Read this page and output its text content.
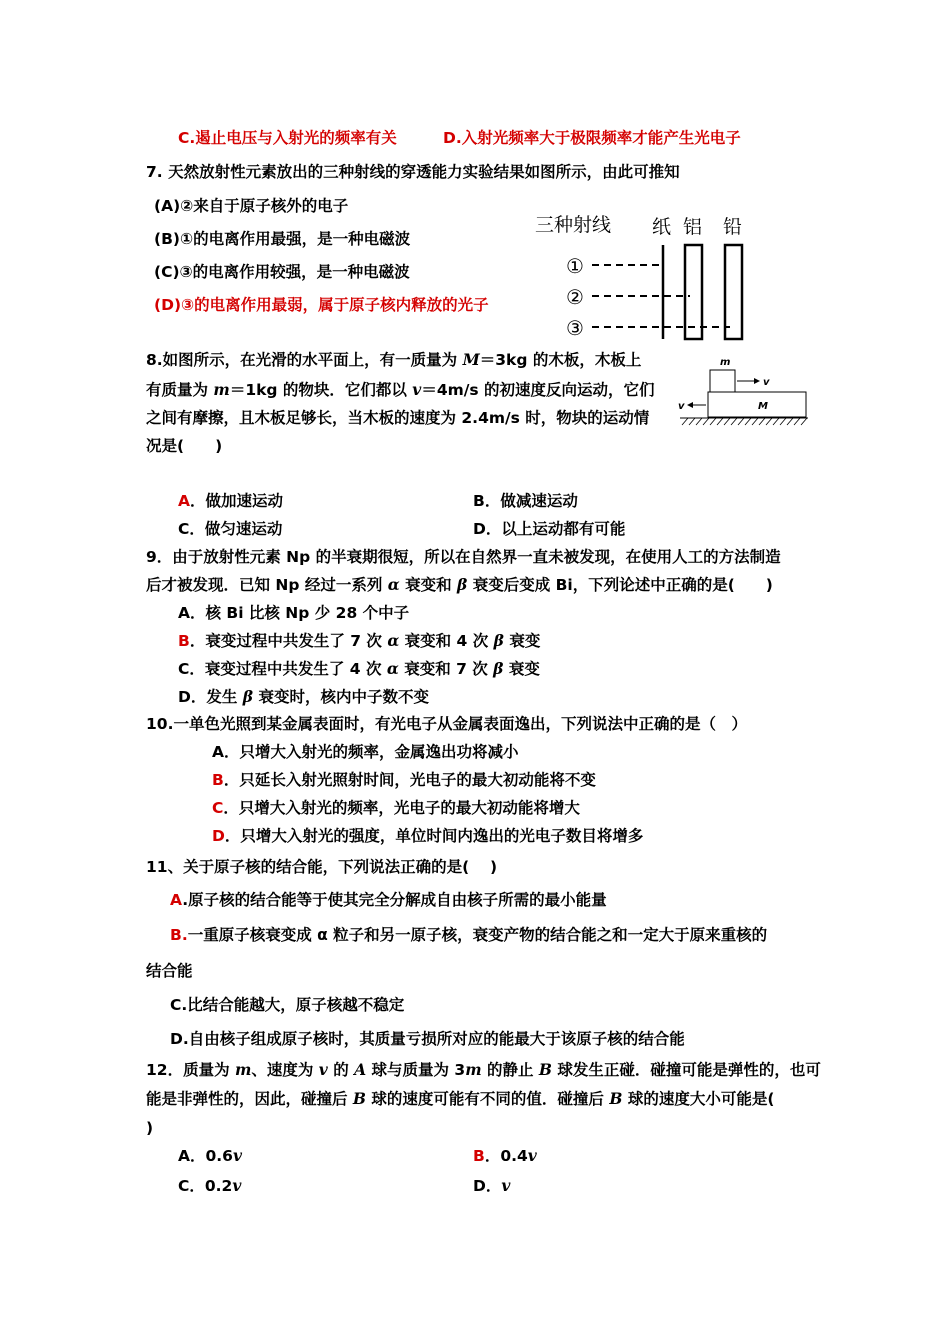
C.遏止电压与入射光的频率有关	D.入射光频率大于极限频率才能产生光电子
7. 天然放射性元素放出的三种射线的穿透能力实验结果如图所示，由此可推知
(A)②来自于原子核外的电子
(B)①的电离作用最强，是一种电磁波
(C)③的电离作用较强，是一种电磁波
(D)③的电离作用最弱，属于原子核内释放的光子
三种射线 纸 铝 铅
①
②
③
8.如图所示，在光滑的水平面上，有一质量为 M＝3kg 的木板，木板上
有质量为 m＝1kg 的物块．它们都以 v＝4m/s 的初速度反向运动，它们
之间有摩擦，且木板足够长，当木板的速度为 2.4m/s 时，物块的运动情
况是(　　)
m
v
M
v
A．做加速运动	B．做减速运动
C．做匀速运动	D．以上运动都有可能
9．由于放射性元素 Np 的半衰期很短，所以在自然界一直未被发现，在使用人工的方法制造
后才被发现．已知 Np 经过一系列 α 衰变和 β 衰变后变成 Bi，下列论述中正确的是(　　)
A．核 Bi 比核 Np 少 28 个中子
B．衰变过程中共发生了 7 次 α 衰变和 4 次 β 衰变
C．衰变过程中共发生了 4 次 α 衰变和 7 次 β 衰变
D．发生 β 衰变时，核内中子数不变
10.一单色光照到某金属表面时，有光电子从金属表面逸出，下列说法中正确的是（　）
A．只增大入射光的频率，金属逸出功将减小
B．只延长入射光照射时间，光电子的最大初动能将不变
C．只增大入射光的频率，光电子的最大初动能将增大
D．只增大入射光的强度，单位时间内逸出的光电子数目将增多
11、关于原子核的结合能，下列说法正确的是(　 )
A.原子核的结合能等于使其完全分解成自由核子所需的最小能量
B.一重原子核衰变成 α 粒子和另一原子核，衰变产物的结合能之和一定大于原来重核的
结合能
C.比结合能越大，原子核越不稳定
D.自由核子组成原子核时，其质量亏损所对应的能最大于该原子核的结合能
12．质量为 m、速度为 v 的 A 球与质量为 3m 的静止 B 球发生正碰．碰撞可能是弹性的，也可
能是非弹性的，因此，碰撞后 B 球的速度可能有不同的值．碰撞后 B 球的速度大小可能是(
)
A．0.6v	B．0.4v
C．0.2v	D．v
